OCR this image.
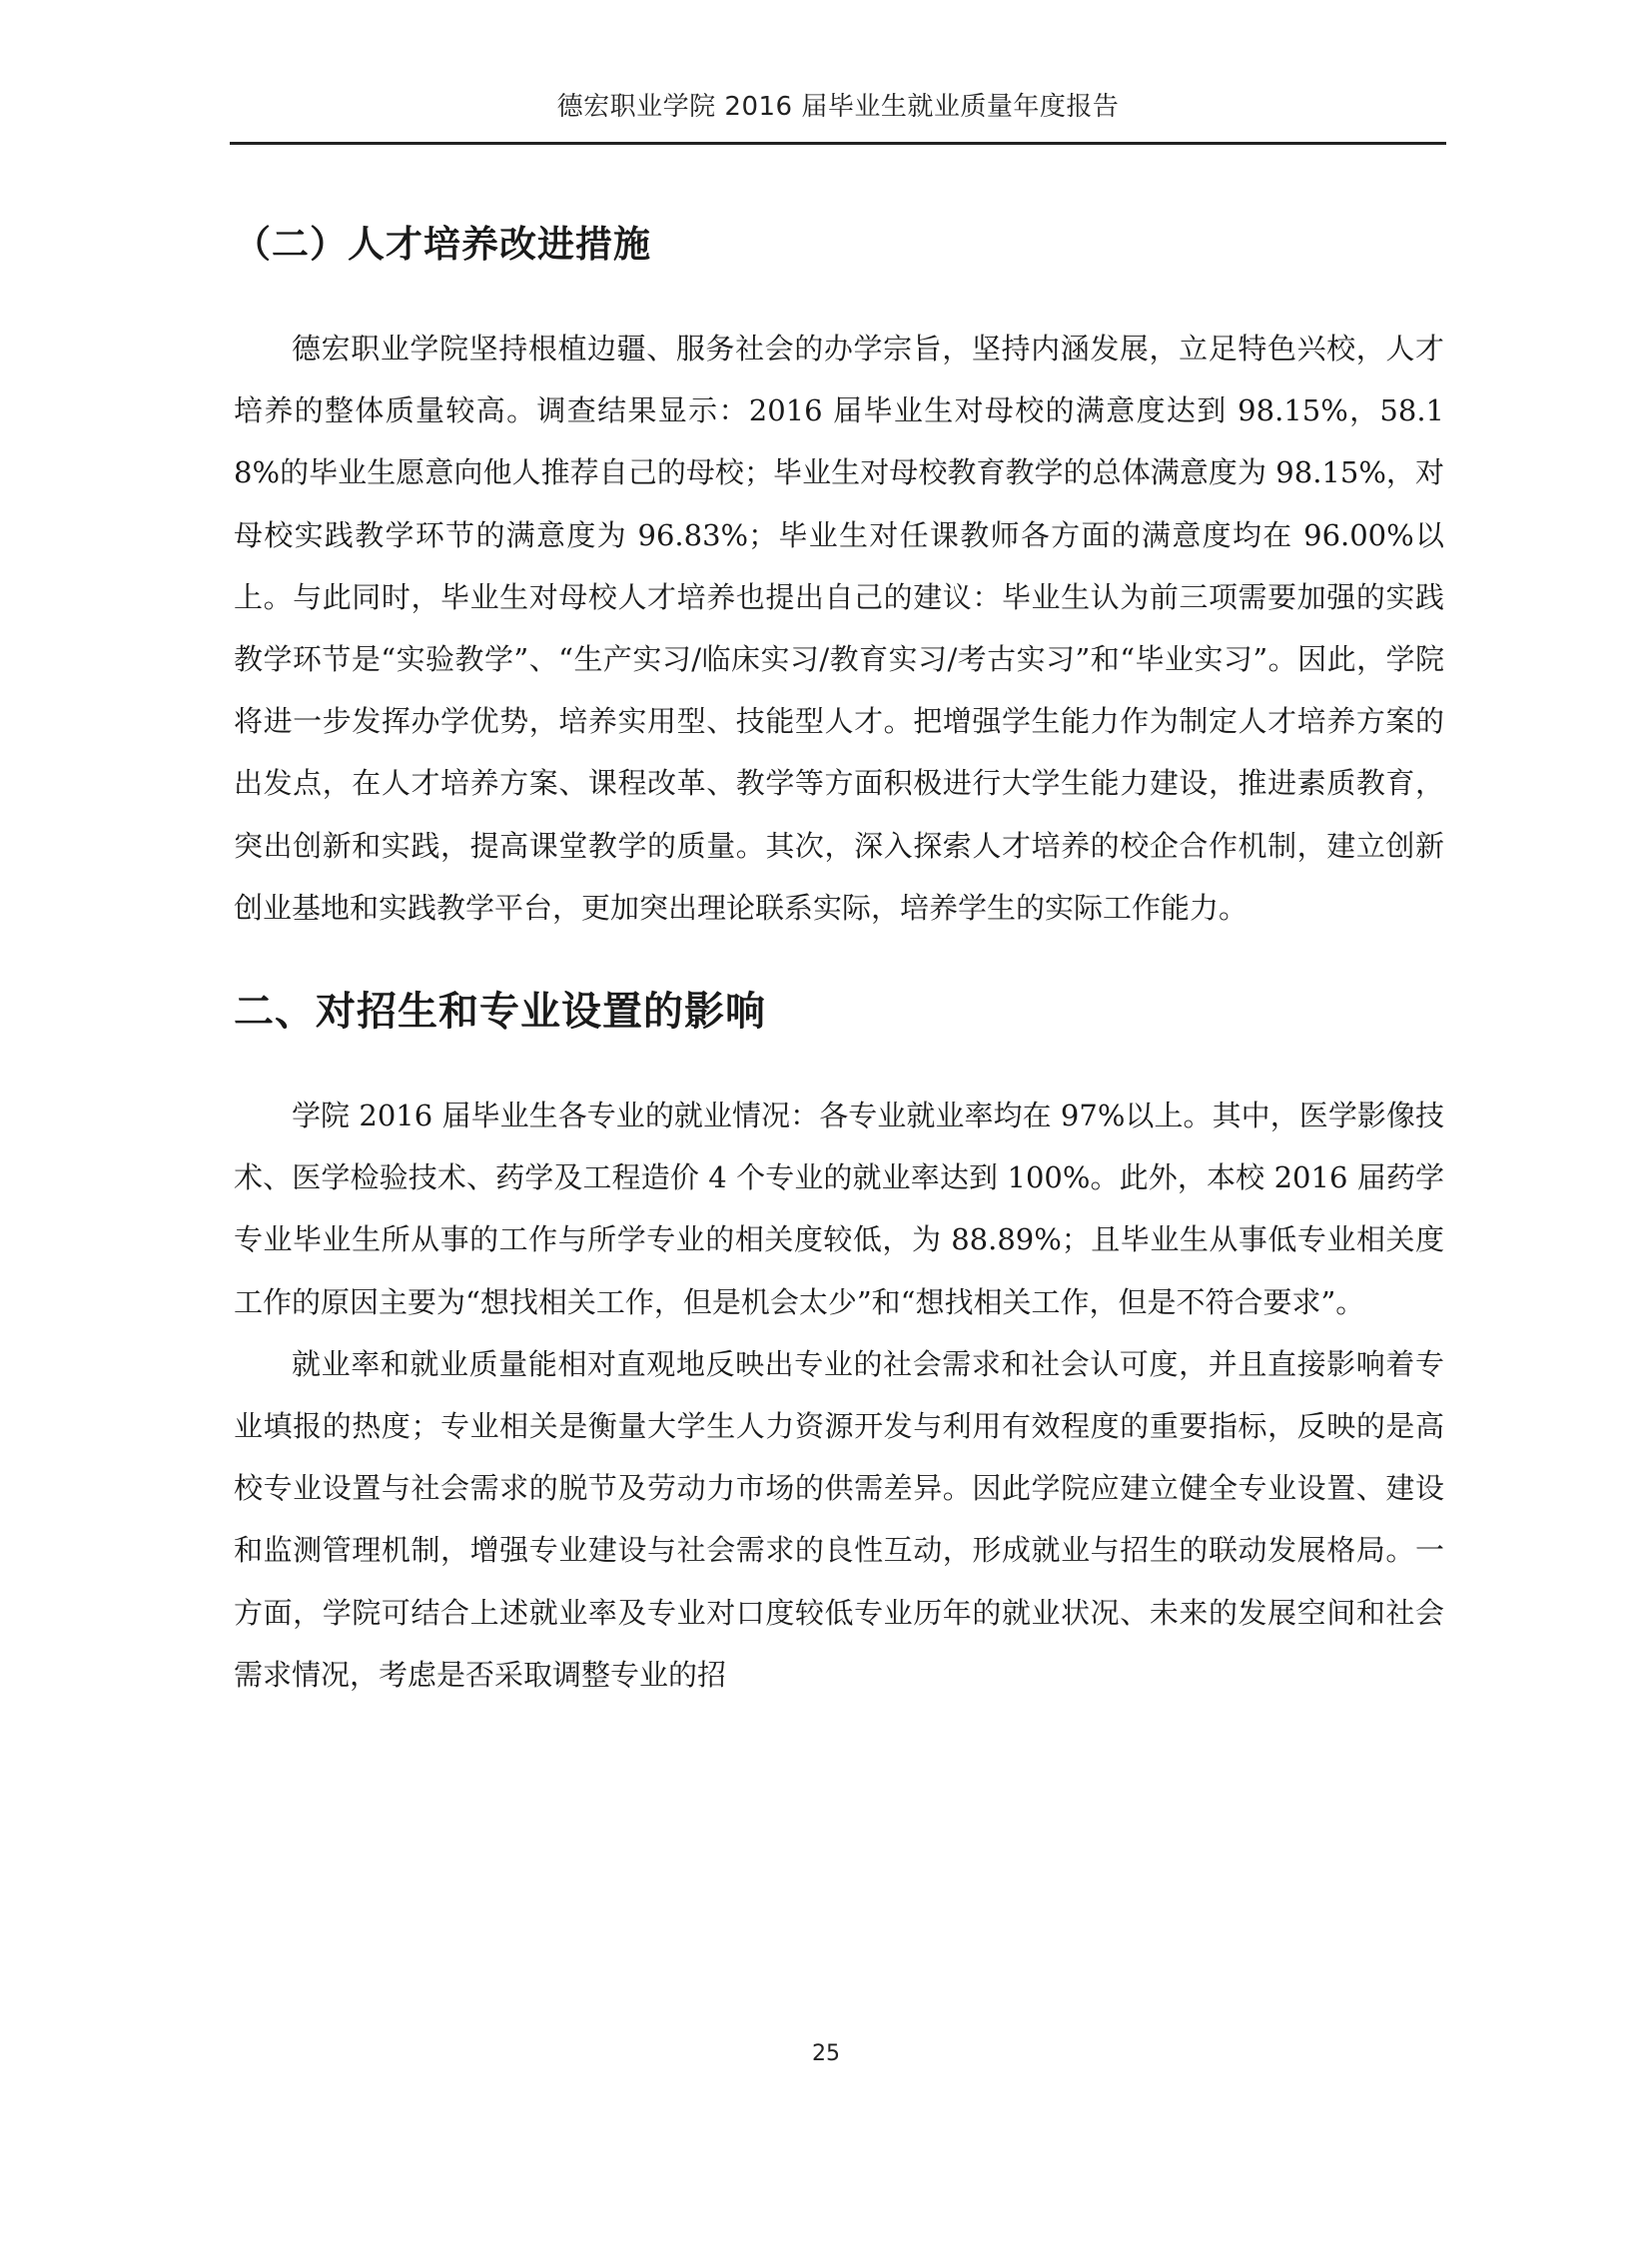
德宏职业学院 2016 届毕业生就业质量年度报告
（二）人才培养改进措施

德宏职业学院坚持根植边疆、服务社会的办学宗旨，坚持内涵发展，立足特色兴校，人才培养的整体质量较高。调查结果显示：2016 届毕业生对母校的满意度达到 98.15%，58.18%的毕业生愿意向他人推荐自己的母校；毕业生对母校教育教学的总体满意度为 98.15%，对母校实践教学环节的满意度为 96.83%；毕业生对任课教师各方面的满意度均在 96.00%以上。与此同时，毕业生对母校人才培养也提出自己的建议：毕业生认为前三项需要加强的实践教学环节是“实验教学”、“生产实习/临床实习/教育实习/考古实习”和“毕业实习”。因此，学院将进一步发挥办学优势，培养实用型、技能型人才。把增强学生能力作为制定人才培养方案的出发点，在人才培养方案、课程改革、教学等方面积极进行大学生能力建设，推进素质教育，突出创新和实践，提高课堂教学的质量。其次，深入探索人才培养的校企合作机制，建立创新创业基地和实践教学平台，更加突出理论联系实际，培养学生的实际工作能力。

二、对招生和专业设置的影响

学院 2016 届毕业生各专业的就业情况：各专业就业率均在 97%以上。其中，医学影像技术、医学检验技术、药学及工程造价 4 个专业的就业率达到 100%。此外，本校 2016 届药学专业毕业生所从事的工作与所学专业的相关度较低，为 88.89%；且毕业生从事低专业相关度工作的原因主要为“想找相关工作，但是机会太少”和“想找相关工作，但是不符合要求”。

就业率和就业质量能相对直观地反映出专业的社会需求和社会认可度，并且直接影响着专业填报的热度；专业相关是衡量大学生人力资源开发与利用有效程度的重要指标，反映的是高校专业设置与社会需求的脱节及劳动力市场的供需差异。因此学院应建立健全专业设置、建设和监测管理机制，增强专业建设与社会需求的良性互动，形成就业与招生的联动发展格局。一方面，学院可结合上述就业率及专业对口度较低专业历年的就业状况、未来的发展空间和社会需求情况，考虑是否采取调整专业的招

25
